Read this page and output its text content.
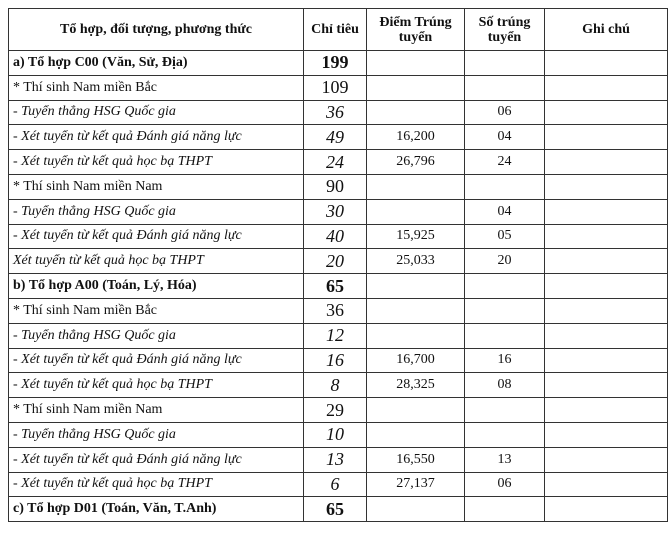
Tổ hợp, đối tượng, phương thức	Chỉ tiêu	Điểm Trúng tuyển	Số trúng tuyển	Ghi chú
a) Tổ hợp C00 (Văn, Sử, Địa)	199			
* Thí sinh Nam miền Bắc	109			
- Tuyển thẳng HSG Quốc gia	36		06	
- Xét tuyển từ kết quả Đánh giá năng lực	49	16,200	04	
- Xét tuyển từ kết quả học bạ THPT	24	26,796	24	
* Thí sinh Nam miền Nam	90			
- Tuyển thẳng HSG Quốc gia	30		04	
- Xét tuyển từ kết quả Đánh giá năng lực	40	15,925	05	
Xét tuyển từ kết quả học bạ THPT	20	25,033	20	
b) Tổ hợp A00 (Toán, Lý, Hóa)	65			
* Thí sinh Nam miền Bắc	36			
- Tuyển thẳng HSG Quốc gia	12			
- Xét tuyển từ kết quả Đánh giá năng lực	16	16,700	16	
- Xét tuyển từ kết quả học bạ THPT	8	28,325	08	
* Thí sinh Nam miền Nam	29			
- Tuyển thẳng HSG Quốc gia	10			
- Xét tuyển từ kết quả Đánh giá năng lực	13	16,550	13	
- Xét tuyển từ kết quả học bạ THPT	6	27,137	06	
c) Tổ hợp D01 (Toán, Văn, T.Anh)	65			
